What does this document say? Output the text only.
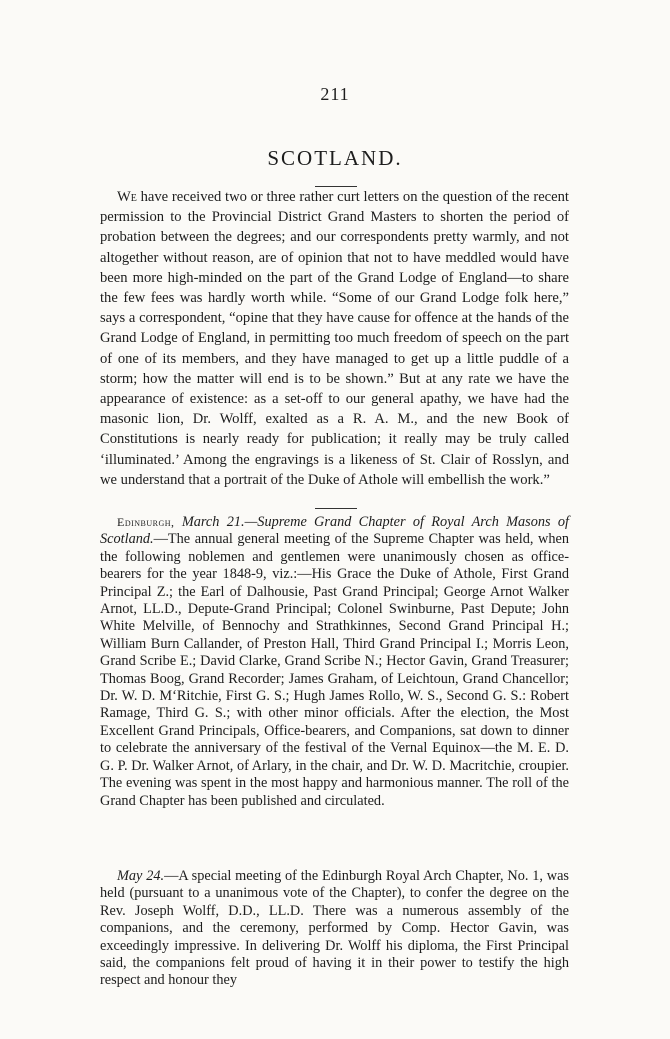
211
SCOTLAND.

We have received two or three rather curt letters on the question of the recent permission to the Provincial District Grand Masters to shorten the period of probation between the degrees; and our correspondents pretty warmly, and not altogether without reason, are of opinion that not to have meddled would have been more high-minded on the part of the Grand Lodge of England—to share the few fees was hardly worth while. “Some of our Grand Lodge folk here,” says a correspondent, “opine that they have cause for offence at the hands of the Grand Lodge of England, in permitting too much freedom of speech on the part of one of its members, and they have managed to get up a little puddle of a storm; how the matter will end is to be shown.” But at any rate we have the appearance of existence: as a set-off to our general apathy, we have had the masonic lion, Dr. Wolff, exalted as a R. A. M., and the new Book of Constitutions is nearly ready for publication; it really may be truly called ‘illuminated.’ Among the engravings is a likeness of St. Clair of Rosslyn, and we understand that a portrait of the Duke of Athole will embellish the work.”

Edinburgh, March 21.—Supreme Grand Chapter of Royal Arch Masons of Scotland.—The annual general meeting of the Supreme Chapter was held, when the following noblemen and gentlemen were unanimously chosen as office-bearers for the year 1848-9, viz.:—His Grace the Duke of Athole, First Grand Principal Z.; the Earl of Dalhousie, Past Grand Principal; George Arnot Walker Arnot, LL.D., Depute-Grand Principal; Colonel Swinburne, Past Depute; John White Melville, of Bennochy and Strathkinnes, Second Grand Principal H.; William Burn Callander, of Preston Hall, Third Grand Principal I.; Morris Leon, Grand Scribe E.; David Clarke, Grand Scribe N.; Hector Gavin, Grand Treasurer; Thomas Boog, Grand Recorder; James Graham, of Leichtoun, Grand Chancellor; Dr. W. D. M‘Ritchie, First G. S.; Hugh James Rollo, W. S., Second G. S.: Robert Ramage, Third G. S.; with other minor officials. After the election, the Most Excellent Grand Principals, Office-bearers, and Companions, sat down to dinner to celebrate the anniversary of the festival of the Vernal Equinox—the M. E. D. G. P. Dr. Walker Arnot, of Arlary, in the chair, and Dr. W. D. Macritchie, croupier. The evening was spent in the most happy and harmonious manner. The roll of the Grand Chapter has been published and circulated.

May 24.—A special meeting of the Edinburgh Royal Arch Chapter, No. 1, was held (pursuant to a unanimous vote of the Chapter), to confer the degree on the Rev. Joseph Wolff, D.D., LL.D. There was a numerous assembly of the companions, and the ceremony, performed by Comp. Hector Gavin, was exceedingly impressive. In delivering Dr. Wolff his diploma, the First Principal said, the companions felt proud of having it in their power to testify the high respect and honour they
